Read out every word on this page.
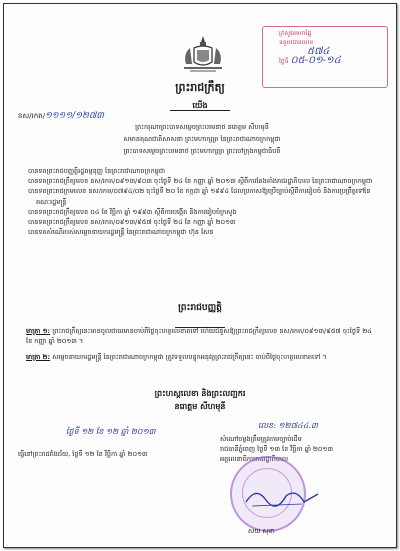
ក្រសួងមហាផ្ទៃ
ទទួលបានលេខ
៥៧៤
ថ្ងៃទី ០៥-០១-១៤
ព្រះរាជក្រឹត្យ
យើង
នស/រកត/១១១១/១២៧៣
ព្រះករុណាព្រះបាទសម្តេចព្រះបរមនាថ នរោត្តម សីហមុនី
សមានគុណជាតិសាសនា ព្រះមហាក្សត្រ នៃព្រះរាជាណាចក្រកម្ពុជា
ព្រះបាទសម្តេចព្រះបរមនាថ ព្រះមហាក្សត្រ ព្រះចៅក្រុងកម្ពុជាធិបតី
បានទតព្រះរាជបញ្ញត្តិរដ្ឋធម្មនុញ្ញ នៃព្រះរាជាណាចក្រកម្ពុជា
បានទតព្រះរាជក្រឹត្យលេខ នស/រកត/០៩១៣/៩០៣ ចុះថ្ងៃទី ២៤ ខែ កញ្ញា ឆ្នាំ ២០១៣ ស្តីពីការតែងតាំងរាជរដ្ឋាភិបាល នៃព្រះរាជាណាចក្រកម្ពុជា
បានទតព្រះរាជក្រមលេខ នស/រកម/០៧៩៤/០២ ចុះថ្ងៃទី ២០ ខែ កក្កដា ឆ្នាំ ១៩៩៤ ដែលប្រកាសឱ្យប្រើច្បាប់ស្តីពីការរៀបចំ និងការប្រព្រឹត្តទៅនៃគណៈរដ្ឋមន្ត្រី
បានទតព្រះរាជក្រឹត្យលេខ ០៤ ខែ វិច្ឆិកា ឆ្នាំ ១៩៩៣ ស្តីពីការបង្កើត និងការរៀបចំក្រសួង
បានទតព្រះរាជក្រឹត្យលេខ នស/រកត/០៩១៣/៩៥៧ ចុះថ្ងៃទី ២៤ ខែ កញ្ញា ឆ្នាំ ២០១៣
បានទតសំណើរបស់សម្តេចនាយករដ្ឋមន្ត្រី នៃព្រះរាជាណាចក្រកម្ពុជា ហ៊ុន សែន
ព្រះរាជបញ្ញត្តិ
មាត្រា ១: ព្រះរាជក្រឹត្យនេះមានចូលជាធរមានចាប់ពីថ្ងៃចុះហត្ថលេខាតទៅ ហើយជំនួសឱ្យព្រះរាជក្រឹត្យលេខ នស/រកត/០៩១៣/៩៥៧ ចុះថ្ងៃទី ២៤ ខែ កញ្ញា ឆ្នាំ ២០១៣ ។
មាត្រា ២: សម្តេចនាយករដ្ឋមន្ត្រី នៃព្រះរាជាណាចក្រកម្ពុជា ត្រូវទទួលបន្ទុកអនុវត្តព្រះរាជក្រឹត្យនេះ ចាប់ពីថ្ងៃចុះហត្ថលេខាតទៅ ។
ព្រះហស្តលេខា និងព្រះលញ្ឆករ
នរោត្តម សីហមុនី
ថ្ងៃទី ១២ ខែ ១២ ឆ្នាំ ២០១៣
លេខ: ១២៧៤៤.៣
សំណៅចម្លងត្រឹមត្រូវតាមច្បាប់ដើម
រាជធានីភ្នំពេញ ថ្ងៃទី ១៣ ខែ វិច្ឆិកា ឆ្នាំ ២០១៣
អគ្គលេខាធិការរាជរដ្ឋាភិបាល
ធ្វើនៅព្រះរាជវាំងជ័យ, ថ្ងៃទី ១២ ខែ វិច្ឆិកា ឆ្នាំ ២០១៣
សយ សុខា
